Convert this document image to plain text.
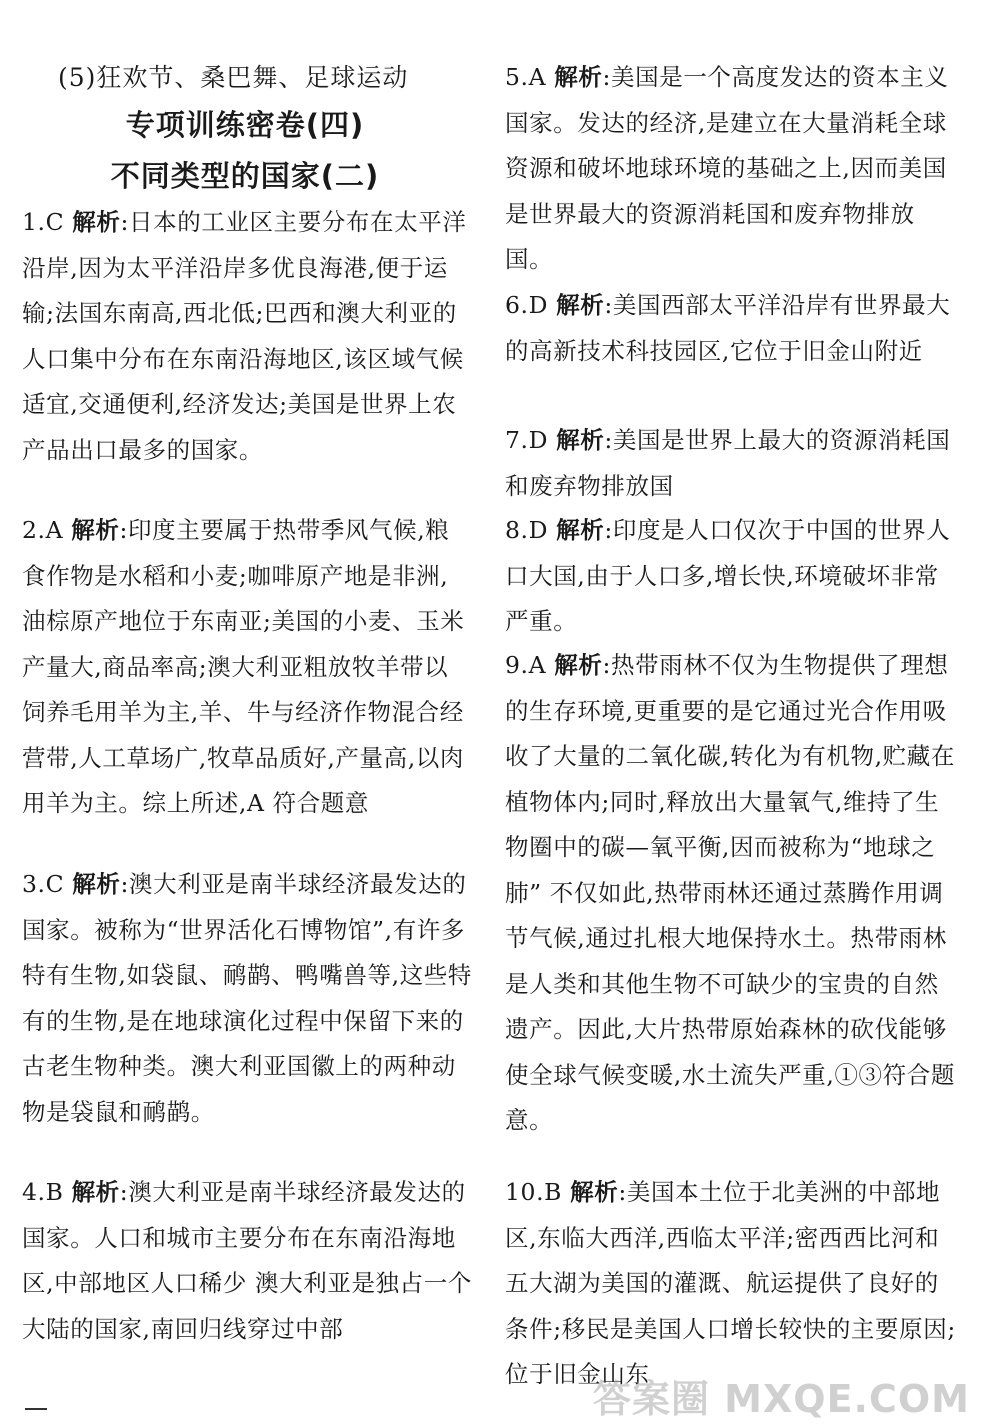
(5)狂欢节、桑巴舞、足球运动
专项训练密卷(四)
不同类型的国家(二)
1.C 解析:日本的工业区主要分布在太平洋沿岸,因为太平洋沿岸多优良海港,便于运输;法国东南高,西北低;巴西和澳大利亚的人口集中分布在东南沿海地区,该区域气候适宜,交通便利,经济发达;美国是世界上农产品出口最多的国家。
2.A 解析:印度主要属于热带季风气候,粮食作物是水稻和小麦;咖啡原产地是非洲,油棕原产地位于东南亚;美国的小麦、玉米产量大,商品率高;澳大利亚粗放牧羊带以饲养毛用羊为主,羊、牛与经济作物混合经营带,人工草场广,牧草品质好,产量高,以肉用羊为主。综上所述,A 符合题意
3.C 解析:澳大利亚是南半球经济最发达的国家。被称为“世界活化石博物馆”,有许多特有生物,如袋鼠、鸸鹋、鸭嘴兽等,这些特有的生物,是在地球演化过程中保留下来的古老生物种类。澳大利亚国徽上的两种动物是袋鼠和鸸鹋。
4.B 解析:澳大利亚是南半球经济最发达的国家。人口和城市主要分布在东南沿海地区,中部地区人口稀少 澳大利亚是独占一个大陆的国家,南回归线穿过中部
5.A 解析:美国是一个高度发达的资本主义国家。发达的经济,是建立在大量消耗全球资源和破坏地球环境的基础之上,因而美国是世界最大的资源消耗国和废弃物排放国。
6.D 解析:美国西部太平洋沿岸有世界最大的高新技术科技园区,它位于旧金山附近
7.D 解析:美国是世界上最大的资源消耗国和废弃物排放国
8.D 解析:印度是人口仅次于中国的世界人口大国,由于人口多,增长快,环境破坏非常严重。
9.A 解析:热带雨林不仅为生物提供了理想的生存环境,更重要的是它通过光合作用吸收了大量的二氧化碳,转化为有机物,贮藏在植物体内;同时,释放出大量氧气,维持了生物圈中的碳—氧平衡,因而被称为“地球之肺” 不仅如此,热带雨林还通过蒸腾作用调节气候,通过扎根大地保持水土。热带雨林是人类和其他生物不可缺少的宝贵的自然遗产。因此,大片热带原始森林的砍伐能够使全球气候变暖,水土流失严重,①③符合题意。
10.B 解析:美国本土位于北美洲的中部地区,东临大西洋,西临太平洋;密西西比河和五大湖为美国的灌溉、航运提供了良好的条件;移民是美国人口增长较快的主要原因;位于旧金山东
答案圈 MXQE.COM
